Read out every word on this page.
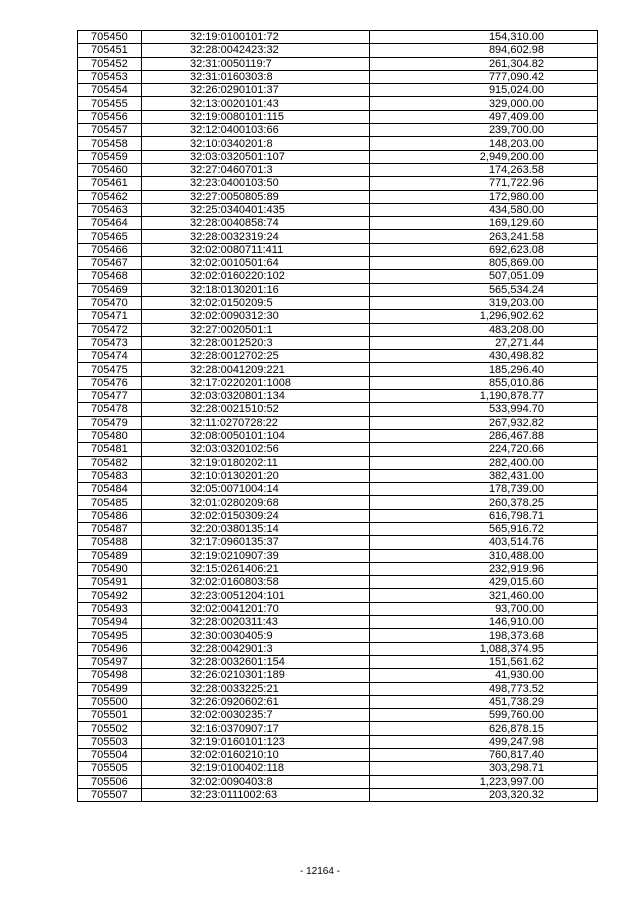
705450	32:19:0100101:72	154,310.00
705451	32:28:0042423:32	894,602.98
705452	32:31:0050119:7	261,304.82
705453	32:31:0160303:8	777,090.42
705454	32:26:0290101:37	915,024.00
705455	32:13:0020101:43	329,000.00
705456	32:19:0080101:115	497,409.00
705457	32:12:0400103:66	239,700.00
705458	32:10:0340201:8	148,203.00
705459	32:03:0320501:107	2,949,200.00
705460	32:27:0460701:3	174,263.58
705461	32:23:0400103:50	771,722.96
705462	32:27:0050805:89	172,980.00
705463	32:25:0340401:435	434,580.00
705464	32:28:0040858:74	169,129.60
705465	32:28:0032319:24	263,241.58
705466	32:02:0080711:411	692,623.08
705467	32:02:0010501:64	805,869.00
705468	32:02:0160220:102	507,051.09
705469	32:18:0130201:16	565,534.24
705470	32:02:0150209:5	319,203.00
705471	32:02:0090312:30	1,296,902.62
705472	32:27:0020501:1	483,208.00
705473	32:28:0012520:3	27,271.44
705474	32:28:0012702:25	430,498.82
705475	32:28:0041209:221	185,296.40
705476	32:17:0220201:1008	855,010.86
705477	32:03:0320801:134	1,190,878.77
705478	32:28:0021510:52	533,994.70
705479	32:11:0270728:22	267,932.82
705480	32:08:0050101:104	286,467.88
705481	32:03:0320102:56	224,720.66
705482	32:19:0180202:11	282,400.00
705483	32:10:0130201:20	382,431.00
705484	32:05:0071004:14	178,739.00
705485	32:01:0280209:68	260,378.25
705486	32:02:0150309:24	616,798.71
705487	32:20:0380135:14	565,916.72
705488	32:17:0960135:37	403,514.76
705489	32:19:0210907:39	310,488.00
705490	32:15:0261406:21	232,919.96
705491	32:02:0160803:58	429,015.60
705492	32:23:0051204:101	321,460.00
705493	32:02:0041201:70	93,700.00
705494	32:28:0020311:43	146,910.00
705495	32:30:0030405:9	198,373.68
705496	32:28:0042901:3	1,088,374.95
705497	32:28:0032601:154	151,561.62
705498	32:26:0210301:189	41,930.00
705499	32:28:0033225:21	498,773.52
705500	32:26:0920602:61	451,738.29
705501	32:02:0030235:7	599,760.00
705502	32:16:0370907:17	626,878.15
705503	32:19:0160101:123	499,247.98
705504	32:02:0160210:10	760,817.40
705505	32:19:0100402:118	303,298.71
705506	32:02:0090403:8	1,223,997.00
705507	32:23:0111002:63	203,320.32
- 12164 -
